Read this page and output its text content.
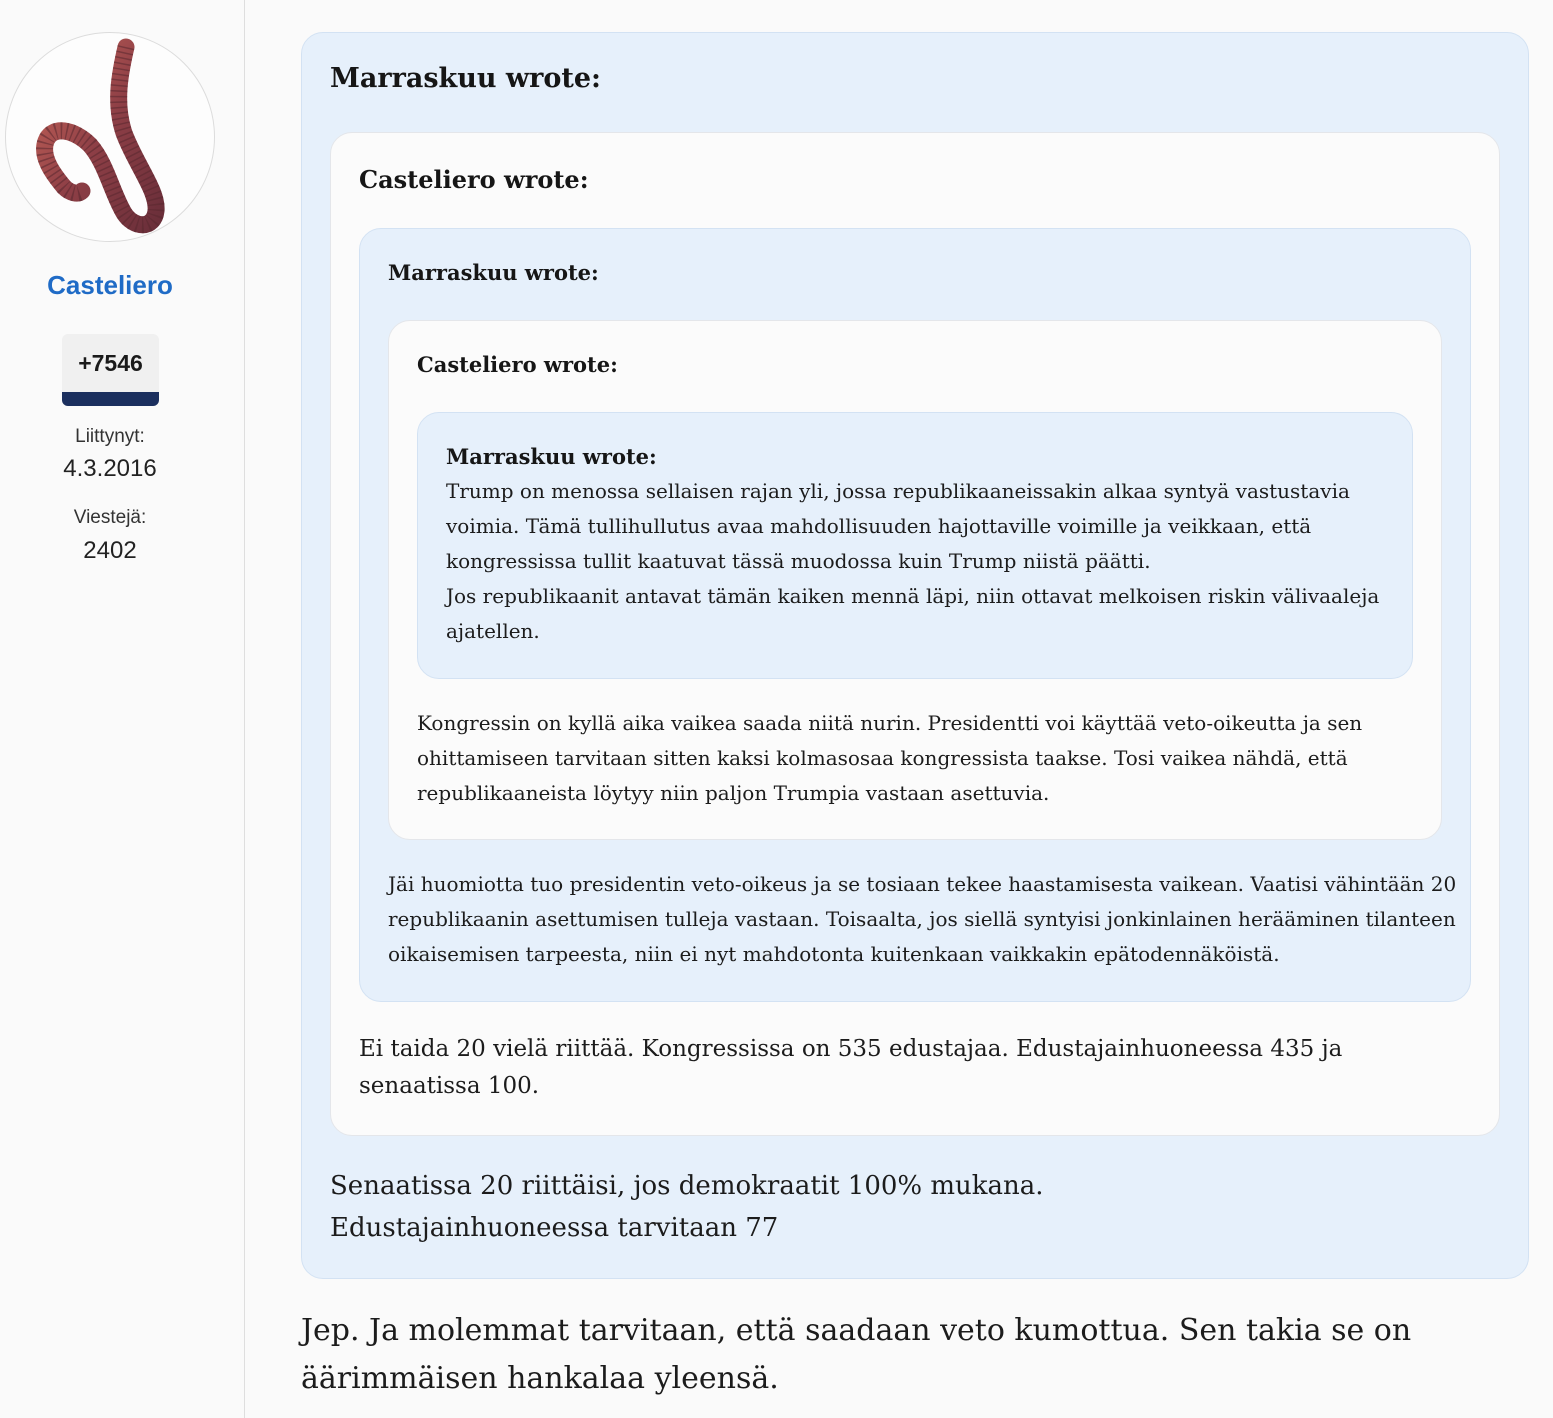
Casteliero
+7546
Liittynyt:
4.3.2016
Viestejä:
2402
Marraskuu wrote:
Casteliero wrote:
Marraskuu wrote:
Casteliero wrote:
Marraskuu wrote:

Trump on menossa sellaisen rajan yli, jossa republikaaneissakin alkaa syntyä vastustavia voimia. Tämä tullihullutus avaa mahdollisuuden hajottaville voimille ja veikkaan, että kongressissa tullit kaatuvat tässä muodossa kuin Trump niistä päätti.

Jos republikaanit antavat tämän kaiken mennä läpi, niin ottavat melkoisen riskin välivaaleja ajatellen.

Kongressin on kyllä aika vaikea saada niitä nurin. Presidentti voi käyttää veto-oikeutta ja sen ohittamiseen tarvitaan sitten kaksi kolmasosaa kongressista taakse. Tosi vaikea nähdä, että republikaaneista löytyy niin paljon Trumpia vastaan asettuvia.

Jäi huomiotta tuo presidentin veto-oikeus ja se tosiaan tekee haastamisesta vaikean. Vaatisi vähintään 20 republikaanin asettumisen tulleja vastaan. Toisaalta, jos siellä syntyisi jonkinlainen herääminen tilanteen oikaisemisen tarpeesta, niin ei nyt mahdotonta kuitenkaan vaikkakin epätodennäköistä.

Ei taida 20 vielä riittää. Kongressissa on 535 edustajaa. Edustajainhuoneessa 435 ja senaatissa 100.

Senaatissa 20 riittäisi, jos demokraatit 100% mukana.

Edustajainhuoneessa tarvitaan 77

Jep. Ja molemmat tarvitaan, että saadaan veto kumottua. Sen takia se on äärimmäisen hankalaa yleensä.
